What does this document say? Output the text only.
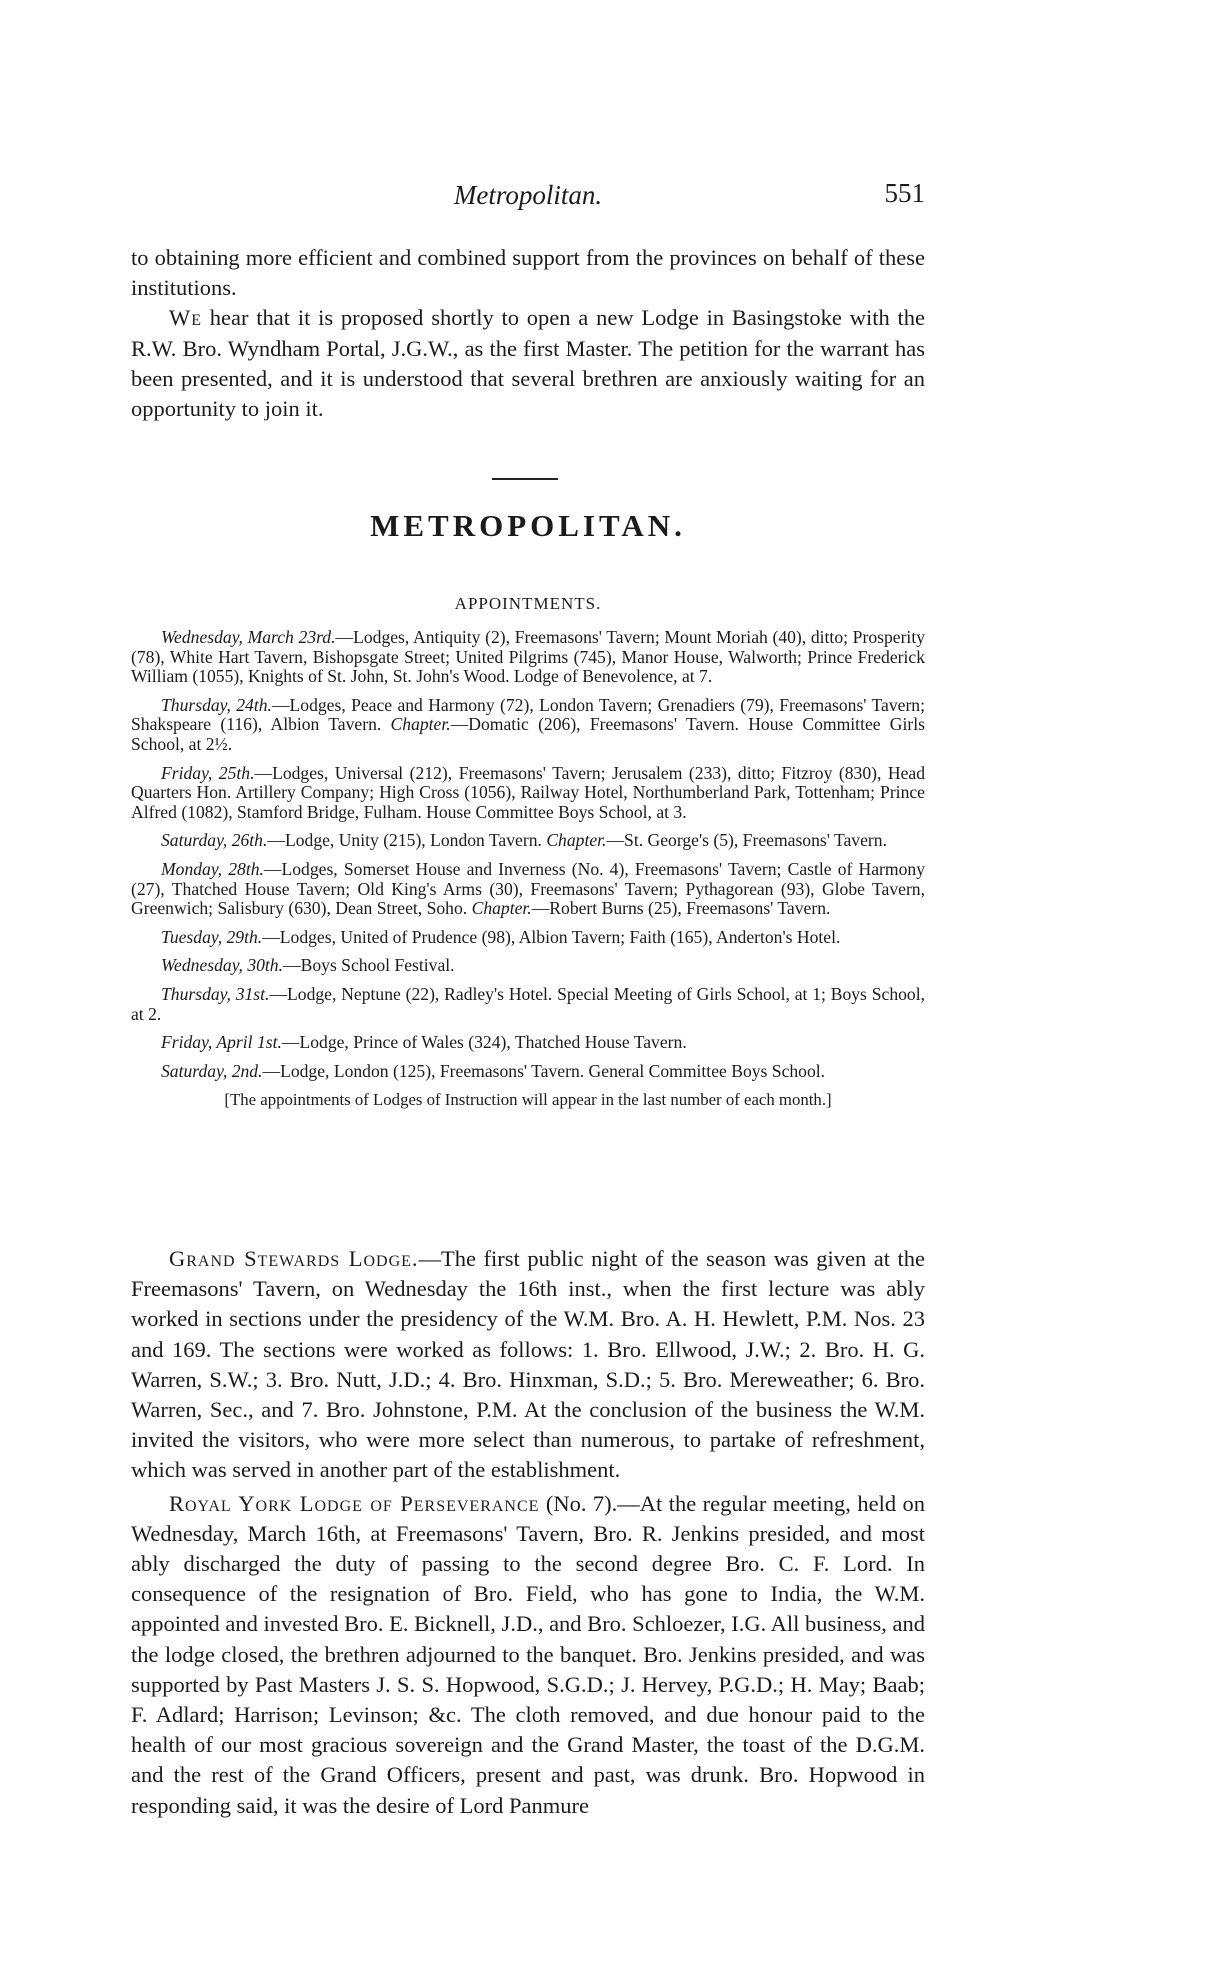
Metropolitan.	551

to obtaining more efficient and combined support from the provinces on behalf of these institutions.

We hear that it is proposed shortly to open a new Lodge in Basingstoke with the R.W. Bro. Wyndham Portal, J.G.W., as the first Master. The petition for the warrant has been presented, and it is understood that several brethren are anxiously waiting for an opportunity to join it.

METROPOLITAN.
APPOINTMENTS.

Wednesday, March 23rd.—Lodges, Antiquity (2), Freemasons' Tavern; Mount Moriah (40), ditto; Prosperity (78), White Hart Tavern, Bishopsgate Street; United Pilgrims (745), Manor House, Walworth; Prince Frederick William (1055), Knights of St. John, St. John's Wood. Lodge of Benevolence, at 7.

Thursday, 24th.—Lodges, Peace and Harmony (72), London Tavern; Grenadiers (79), Freemasons' Tavern; Shakspeare (116), Albion Tavern. Chapter.—Domatic (206), Freemasons' Tavern. House Committee Girls School, at 2½.

Friday, 25th.—Lodges, Universal (212), Freemasons' Tavern; Jerusalem (233), ditto; Fitzroy (830), Head Quarters Hon. Artillery Company; High Cross (1056), Railway Hotel, Northumberland Park, Tottenham; Prince Alfred (1082), Stamford Bridge, Fulham. House Committee Boys School, at 3.

Saturday, 26th.—Lodge, Unity (215), London Tavern. Chapter.—St. George's (5), Freemasons' Tavern.

Monday, 28th.—Lodges, Somerset House and Inverness (No. 4), Freemasons' Tavern; Castle of Harmony (27), Thatched House Tavern; Old King's Arms (30), Freemasons' Tavern; Pythagorean (93), Globe Tavern, Greenwich; Salisbury (630), Dean Street, Soho. Chapter.—Robert Burns (25), Freemasons' Tavern.

Tuesday, 29th.—Lodges, United of Prudence (98), Albion Tavern; Faith (165), Anderton's Hotel.

Wednesday, 30th.—Boys School Festival.

Thursday, 31st.—Lodge, Neptune (22), Radley's Hotel. Special Meeting of Girls School, at 1; Boys School, at 2.

Friday, April 1st.—Lodge, Prince of Wales (324), Thatched House Tavern.

Saturday, 2nd.—Lodge, London (125), Freemasons' Tavern. General Committee Boys School.

[The appointments of Lodges of Instruction will appear in the last number of each month.]

Grand Stewards Lodge.—The first public night of the season was given at the Freemasons' Tavern, on Wednesday the 16th inst., when the first lecture was ably worked in sections under the presidency of the W.M. Bro. A. H. Hewlett, P.M. Nos. 23 and 169. The sections were worked as follows: 1. Bro. Ellwood, J.W.; 2. Bro. H. G. Warren, S.W.; 3. Bro. Nutt, J.D.; 4. Bro. Hinxman, S.D.; 5. Bro. Mereweather; 6. Bro. Warren, Sec., and 7. Bro. Johnstone, P.M. At the conclusion of the business the W.M. invited the visitors, who were more select than numerous, to partake of refreshment, which was served in another part of the establishment.

Royal York Lodge of Perseverance (No. 7).—At the regular meeting, held on Wednesday, March 16th, at Freemasons' Tavern, Bro. R. Jenkins presided, and most ably discharged the duty of passing to the second degree Bro. C. F. Lord. In consequence of the resignation of Bro. Field, who has gone to India, the W.M. appointed and invested Bro. E. Bicknell, J.D., and Bro. Schloezer, I.G. All business, and the lodge closed, the brethren adjourned to the banquet. Bro. Jenkins presided, and was supported by Past Masters J. S. S. Hopwood, S.G.D.; J. Hervey, P.G.D.; H. May; Baab; F. Adlard; Harrison; Levinson; &c. The cloth removed, and due honour paid to the health of our most gracious sovereign and the Grand Master, the toast of the D.G.M. and the rest of the Grand Officers, present and past, was drunk. Bro. Hopwood in responding said, it was the desire of Lord Panmure
